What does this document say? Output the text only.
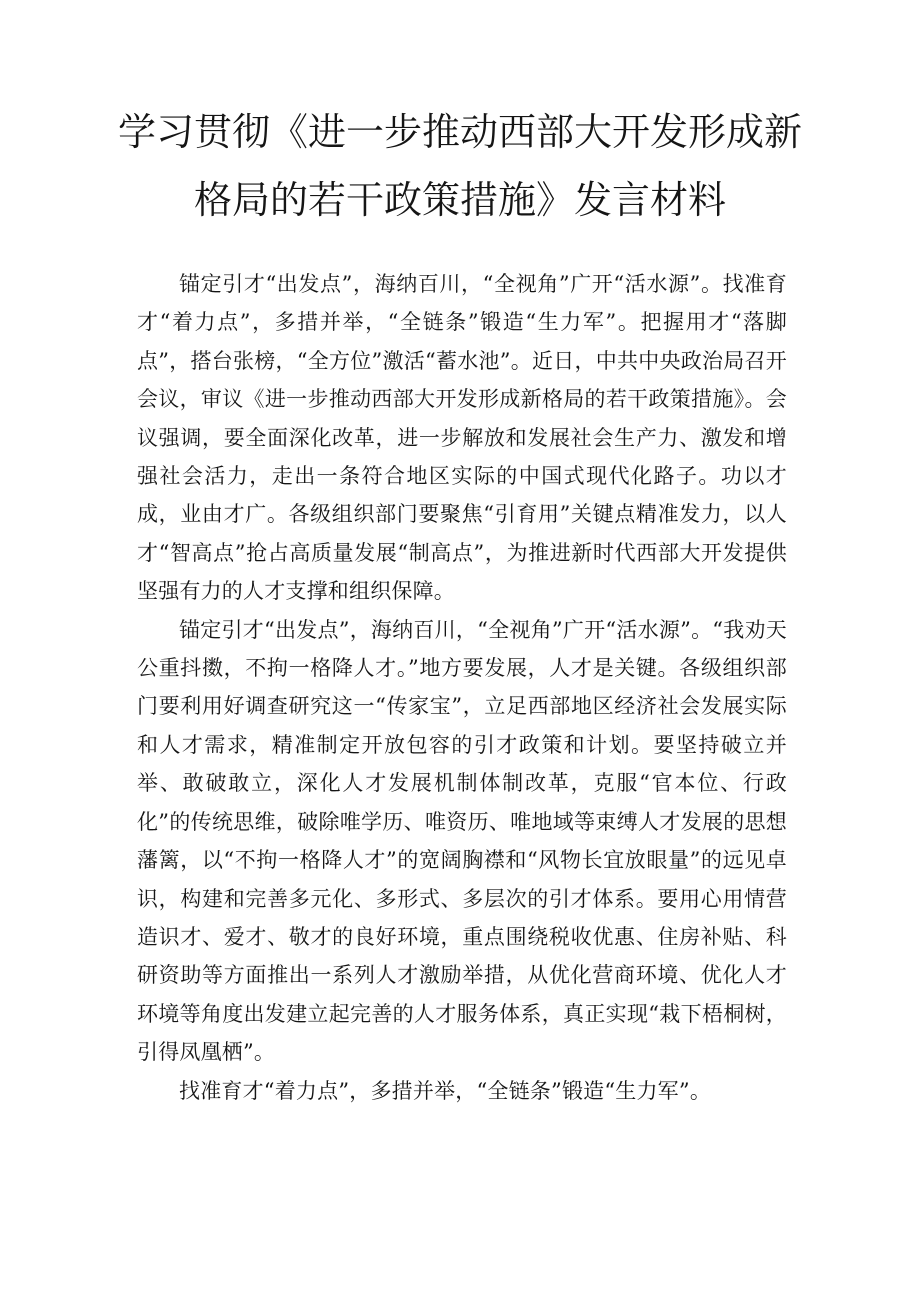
学习贯彻《进一步推动西部大开发形成新
格局的若干政策措施》发言材料

锚定引才“出发点”，海纳百川，“全视角”广开“活水源”。找准育才“着力点”，多措并举，“全链条”锻造“生力军”。把握用才“落脚点”，搭台张榜，“全方位”激活“蓄水池”。近日，中共中央政治局召开会议，审议《进一步推动西部大开发形成新格局的若干政策措施》。会议强调，要全面深化改革，进一步解放和发展社会生产力、激发和增强社会活力，走出一条符合地区实际的中国式现代化路子。功以才成，业由才广。各级组织部门要聚焦“引育用”关键点精准发力，以人才“智高点”抢占高质量发展“制高点”，为推进新时代西部大开发提供坚强有力的人才支撑和组织保障。

锚定引才“出发点”，海纳百川，“全视角”广开“活水源”。“我劝天公重抖擞，不拘一格降人才。”地方要发展，人才是关键。各级组织部门要利用好调查研究这一“传家宝”，立足西部地区经济社会发展实际和人才需求，精准制定开放包容的引才政策和计划。要坚持破立并举、敢破敢立，深化人才发展机制体制改革，克服“官本位、行政化”的传统思维，破除唯学历、唯资历、唯地域等束缚人才发展的思想藩篱，以“不拘一格降人才”的宽阔胸襟和“风物长宜放眼量”的远见卓识，构建和完善多元化、多形式、多层次的引才体系。要用心用情营造识才、爱才、敬才的良好环境，重点围绕税收优惠、住房补贴、科研资助等方面推出一系列人才激励举措，从优化营商环境、优化人才环境等角度出发建立起完善的人才服务体系，真正实现“栽下梧桐树，引得凤凰栖”。

找准育才“着力点”，多措并举，“全链条”锻造“生力军”。
